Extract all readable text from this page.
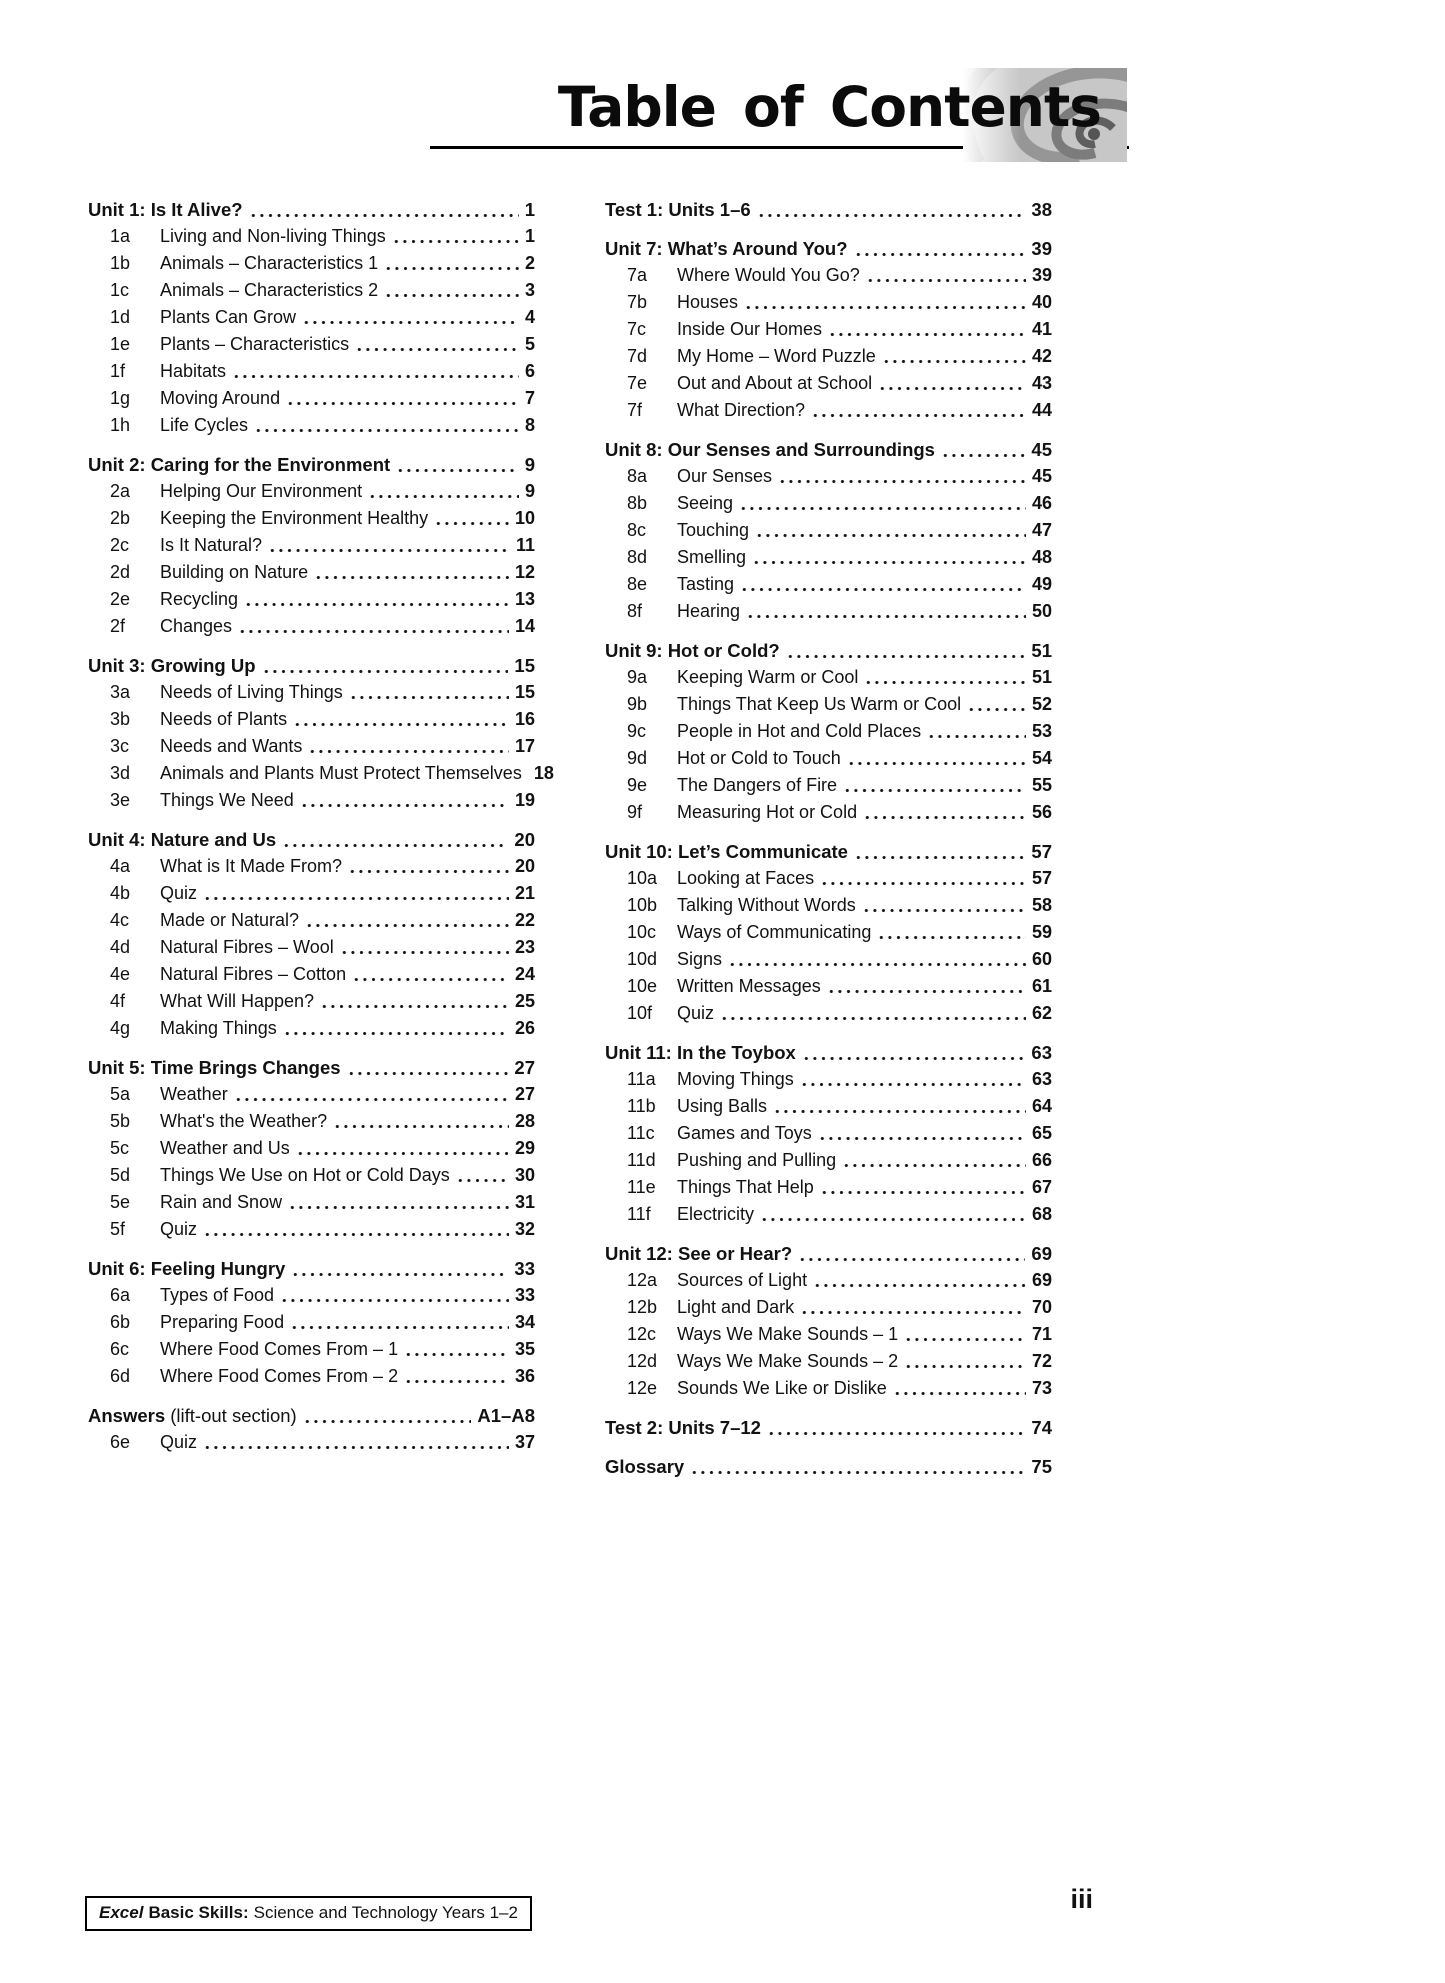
Table of Contents
Unit 1: Is It Alive?	1
1a	Living and Non-living Things	1
1b	Animals – Characteristics 1	2
1c	Animals – Characteristics 2	3
1d	Plants Can Grow	4
1e	Plants – Characteristics	5
1f	Habitats	6
1g	Moving Around	7
1h	Life Cycles	8
Unit 2: Caring for the Environment	9
2a	Helping Our Environment	9
2b	Keeping the Environment Healthy	10
2c	Is It Natural?	11
2d	Building on Nature	12
2e	Recycling	13
2f	Changes	14
Unit 3: Growing Up	15
3a	Needs of Living Things	15
3b	Needs of Plants	16
3c	Needs and Wants	17
3d	Animals and Plants Must Protect Themselves 18
3e	Things We Need	19
Unit 4: Nature and Us	20
4a	What is It Made From?	20
4b	Quiz	21
4c	Made or Natural?	22
4d	Natural Fibres – Wool	23
4e	Natural Fibres – Cotton	24
4f	What Will Happen?	25
4g	Making Things	26
Unit 5: Time Brings Changes	27
5a	Weather	27
5b	What's the Weather?	28
5c	Weather and Us	29
5d	Things We Use on Hot or Cold Days	30
5e	Rain and Snow	31
5f	Quiz	32
Unit 6: Feeling Hungry	33
6a	Types of Food	33
6b	Preparing Food	34
6c	Where Food Comes From – 1	35
6d	Where Food Comes From – 2	36
Answers (lift-out section)	A1–A8
6e	Quiz	37
Test 1: Units 1–6	38
Unit 7: What’s Around You?	39
7a	Where Would You Go?	39
7b	Houses	40
7c	Inside Our Homes	41
7d	My Home – Word Puzzle	42
7e	Out and About at School	43
7f	What Direction?	44
Unit 8: Our Senses and Surroundings	45
8a	Our Senses	45
8b	Seeing	46
8c	Touching	47
8d	Smelling	48
8e	Tasting	49
8f	Hearing	50
Unit 9: Hot or Cold?	51
9a	Keeping Warm or Cool	51
9b	Things That Keep Us Warm or Cool	52
9c	People in Hot and Cold Places	53
9d	Hot or Cold to Touch	54
9e	The Dangers of Fire	55
9f	Measuring Hot or Cold	56
Unit 10: Let’s Communicate	57
10a	Looking at Faces	57
10b	Talking Without Words	58
10c	Ways of Communicating	59
10d	Signs	60
10e	Written Messages	61
10f	Quiz	62
Unit 11: In the Toybox	63
11a	Moving Things	63
11b	Using Balls	64
11c	Games and Toys	65
11d	Pushing and Pulling	66
11e	Things That Help	67
11f	Electricity	68
Unit 12: See or Hear?	69
12a	Sources of Light	69
12b	Light and Dark	70
12c	Ways We Make Sounds – 1	71
12d	Ways We Make Sounds – 2	72
12e	Sounds We Like or Dislike	73
Test 2: Units 7–12	74
Glossary	75
Excel Basic Skills: Science and Technology Years 1–2	iii
